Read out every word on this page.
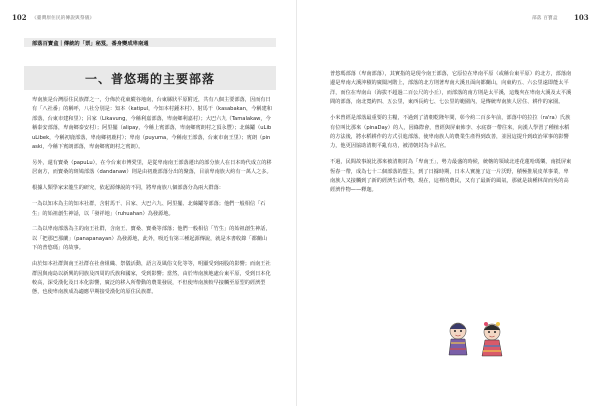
102 《臺灣原住民的傳說與祭儀》
部落百寶盒｜傳統的「票」秘笈，番身變成卑南通
一、普悠瑪的主要部落

卑南族是台灣原住民族群之一，分佈於花東縱谷地南，台東縣狀平原附近，共有八個主要部落，因而有日有「八社番」的稱呼，八社分別是：知本（katipul，今知本村鍾本村）、射馬干（kasabakan，今稱建和部落，台東市建和里）；呂家（Likavung，今稱利嘉部落，卑南鄉利嘉村）；大巴六九（Tamalakaw，今稱泰安部落，卑南鄉泰安村）；阿里擺（alipay，今稱上賓部落，卑南鄉賓朗村之頂永豐）；北絲鬮（uLibuLibek，今稱初鹿部落，卑南鄉初鹿村）；卑南（puyuma，今稱南王部落，台東市南王里）；賓朗（pinaski，今稱下賓朗部落，卑南鄉賓朗村之賓朗）。

另外，還有寶桑（papuLu），在今台東市博愛里，是從卑南南王部落遷出的部分族人在日本時代成立的移居南方，而寶桑的斑鳩部落（dandanaw）則是由初鹿部落分出的聚落，目前卑南族大約有一萬人之多。

根據人類學家宋龍生的研究，依起源傳說的不同，將卑南族八個部落分為兩大群落：

一為以知本為主的知本社群，含射馬干、呂家、大巴六九、阿里擺、北絲鬮等部落；他們一般相信「石生」的始祖創生神話，以「發祥地」（ruhuahan）為發源地。

二為以卑南部落為主的南王社群，含南王、寶桑、寶桑等部落；他們一般相信「竹生」的始祖創生神話，以「把那巴那蘭」（panapanayan）為發源地，此外，吸近有第三種起源傳說，就是本書收錄「都蘭山下的普悠瑪」的故事。

由於知本社群與南王社群在社會組織、祭儀活動，語言及風俗文化等等，明顯受到兩股的影響；而南王社群因與南島以新興的同族及四周的氏族和國家，受到影響；當然，由於卑南族地處台東平原，受到日本化較高，深受漢化及日本化影響，廣泛的移入所帶動的農業發展，不但使卑南族較早接觸至原型的經濟型態，也使卑南族成為適應早期接受漢化的原住民族群。

部落 百寶盒 103

普悠瑪部落（卑南部落），其實指的是現今南王部落，它原位在卑南平原（或稱台東平原）的北方，部落南邊是卑南大溪沖積的廣闊河階上，部落的北方則著卑南大溪且面向都蘭山，向東約五、六公里遠即能太平洋，而位在卑南山（海拔不超過二百公尺的小丘），而部落的南方則是太平溪，這幾夾在卑南大溪及太平溪間的部落，南北寬約四、五公里，東西長約七、七公里的範圍內，是傳統卑南族人居住、耕作的家園。

小米曾經是部落最重要的主糧，不過到了清朝乾隆年間，彰今約二百多年前，部落中的拉拉（ra'ra）氏族有位叫比那來（pinaDay）的人，因綠際會，曾經與屏東佈李、水底寮一帶往來，向漢人學習了種植水稻的方法後，將水稻耕作的方式引進部落，使卑南族人的農業生產得到改善，並因這提升到政治軍事的影響力，他更因協助清朝平亂有功，被清朝封為卡品官。

不過，民間故事說比那來被清朝封為「卑南王」，勢力最盛的時候，統轄的領域北達花蓮哈瑪樂，南抵屏東恆春一帶，成為七十二個部落的盟主，到了日據時期，日本人實施了這一片沃野，積極推展皮革事業，卑南族人又接觸到了新的經濟生活作物，現在，這裡的農民，又有了最新的風氣，那就是栽種林苗而吳的高經濟作物——釋迦。
